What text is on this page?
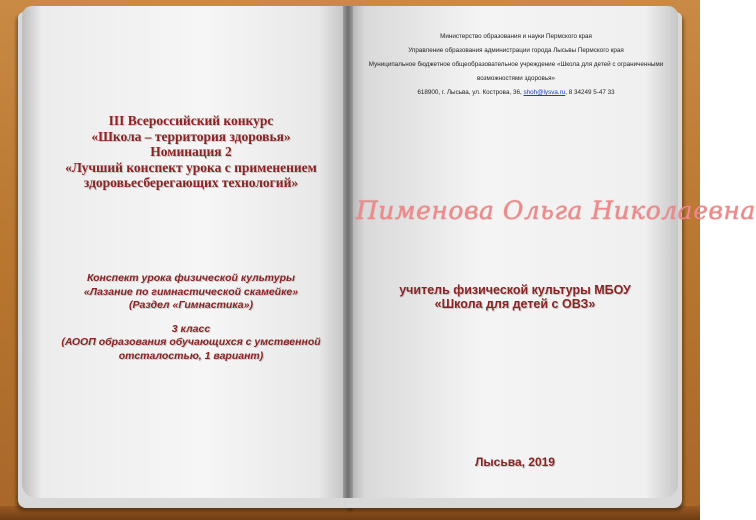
Министерство образования и науки Пермского края
Управление образования администрации города Лысьвы Пермского края
Муниципальное бюджетное общеобразовательное учреждение «Школа для детей с ограниченными
возможностями здоровья»
618900, г. Лысьва, ул. Кострова, 36, shoh@lysva.ru, 8 34249 5-47 33
III Всероссийский конкурс
«Школа – территория здоровья»
Номинация 2
«Лучший конспект урока с применением
здоровьесберегающих технологий»
Конспект урока физической культуры
«Лазание по гимнастической скамейке»
(Раздел «Гимнастика»)
3 класс
(АООП образования обучающихся с умственной
отсталостью, 1 вариант)
Пименова Ольга Николаевна
учитель физической культуры МБОУ
«Школа для детей с ОВЗ»
Лысьва, 2019
